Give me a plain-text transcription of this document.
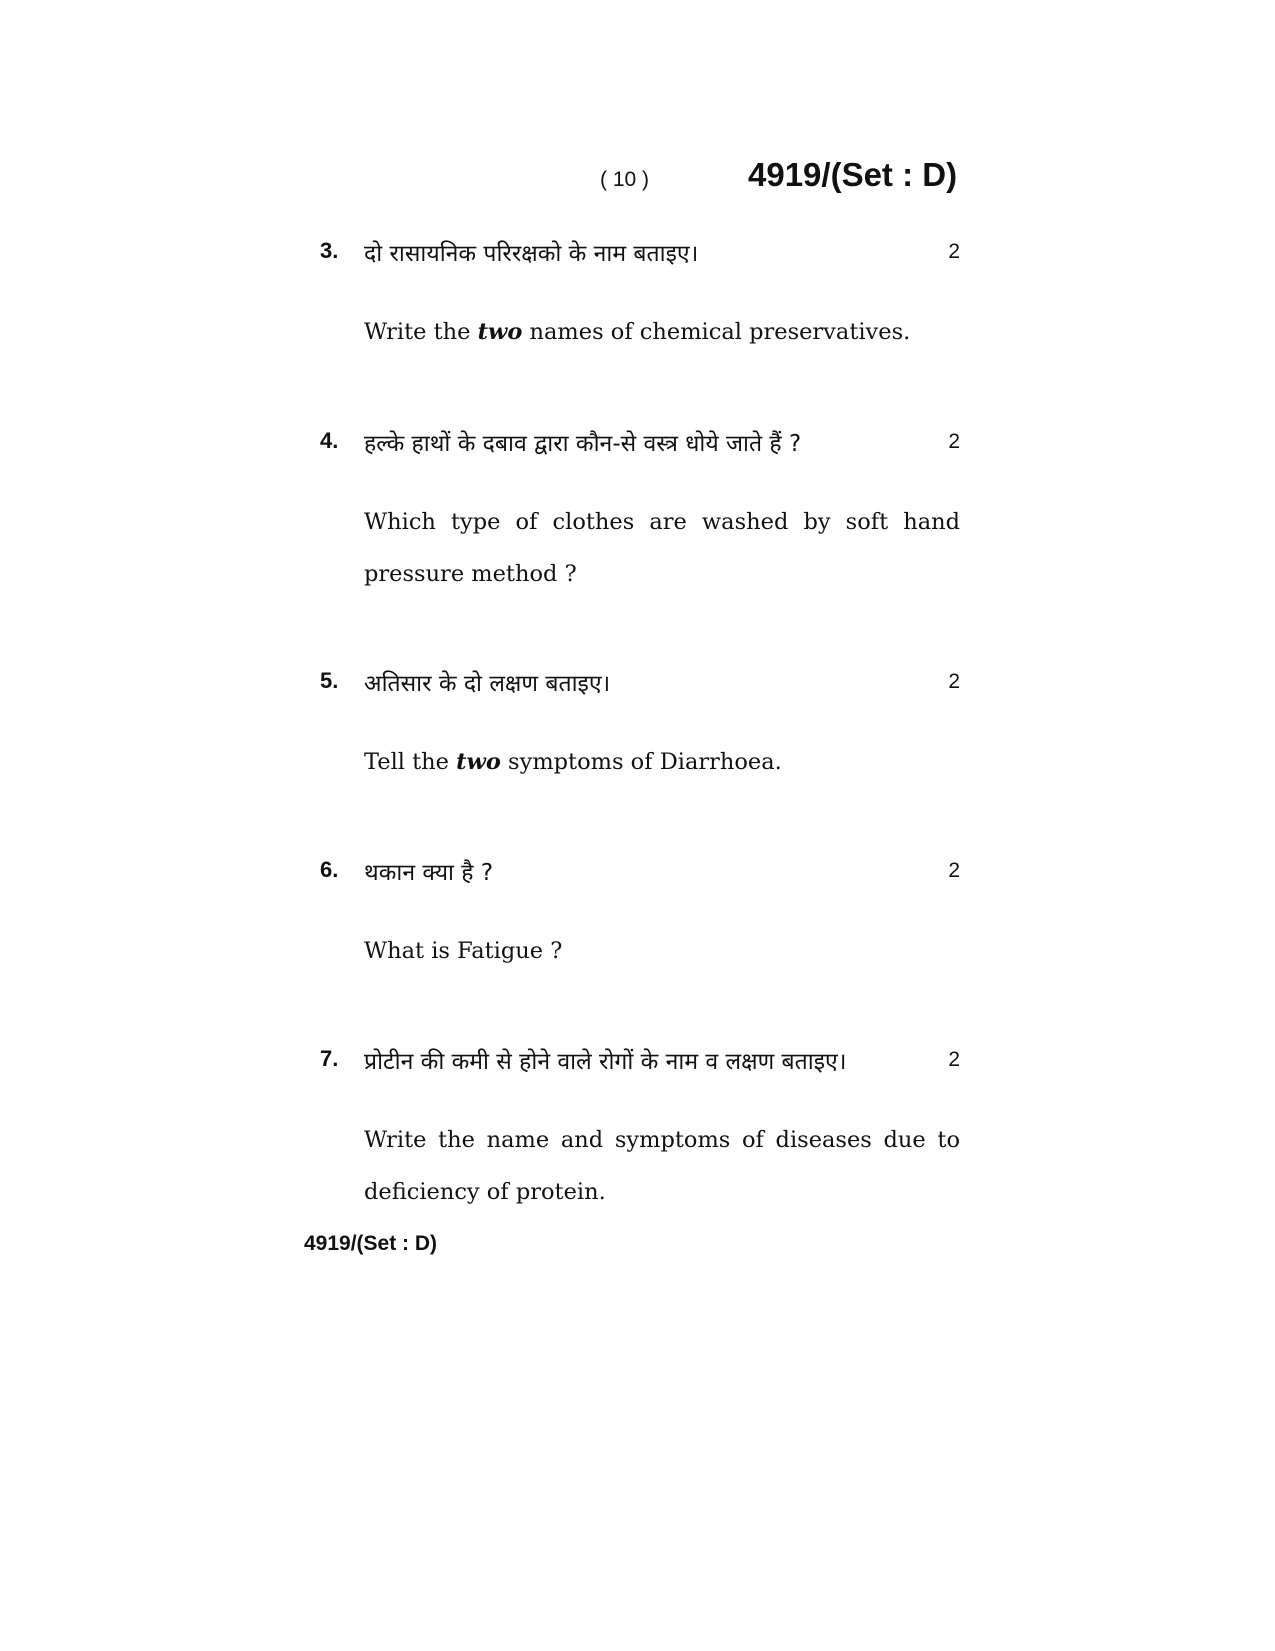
( 10 )	4919/(Set : D)
3. दो रासायनिक परिरक्षको के नाम बताइए।	2
Write the two names of chemical preservatives.
4. हल्के हाथों के दबाव द्वारा कौन-से वस्त्र धोये जाते हैं ?	2
Which type of clothes are washed by soft hand pressure method ?
5. अतिसार के दो लक्षण बताइए।	2
Tell the two symptoms of Diarrhoea.
6. थकान क्या है ?	2
What is Fatigue ?
7. प्रोटीन की कमी से होने वाले रोगों के नाम व लक्षण बताइए।	2
Write the name and symptoms of diseases due to deficiency of protein.
4919/(Set : D)
